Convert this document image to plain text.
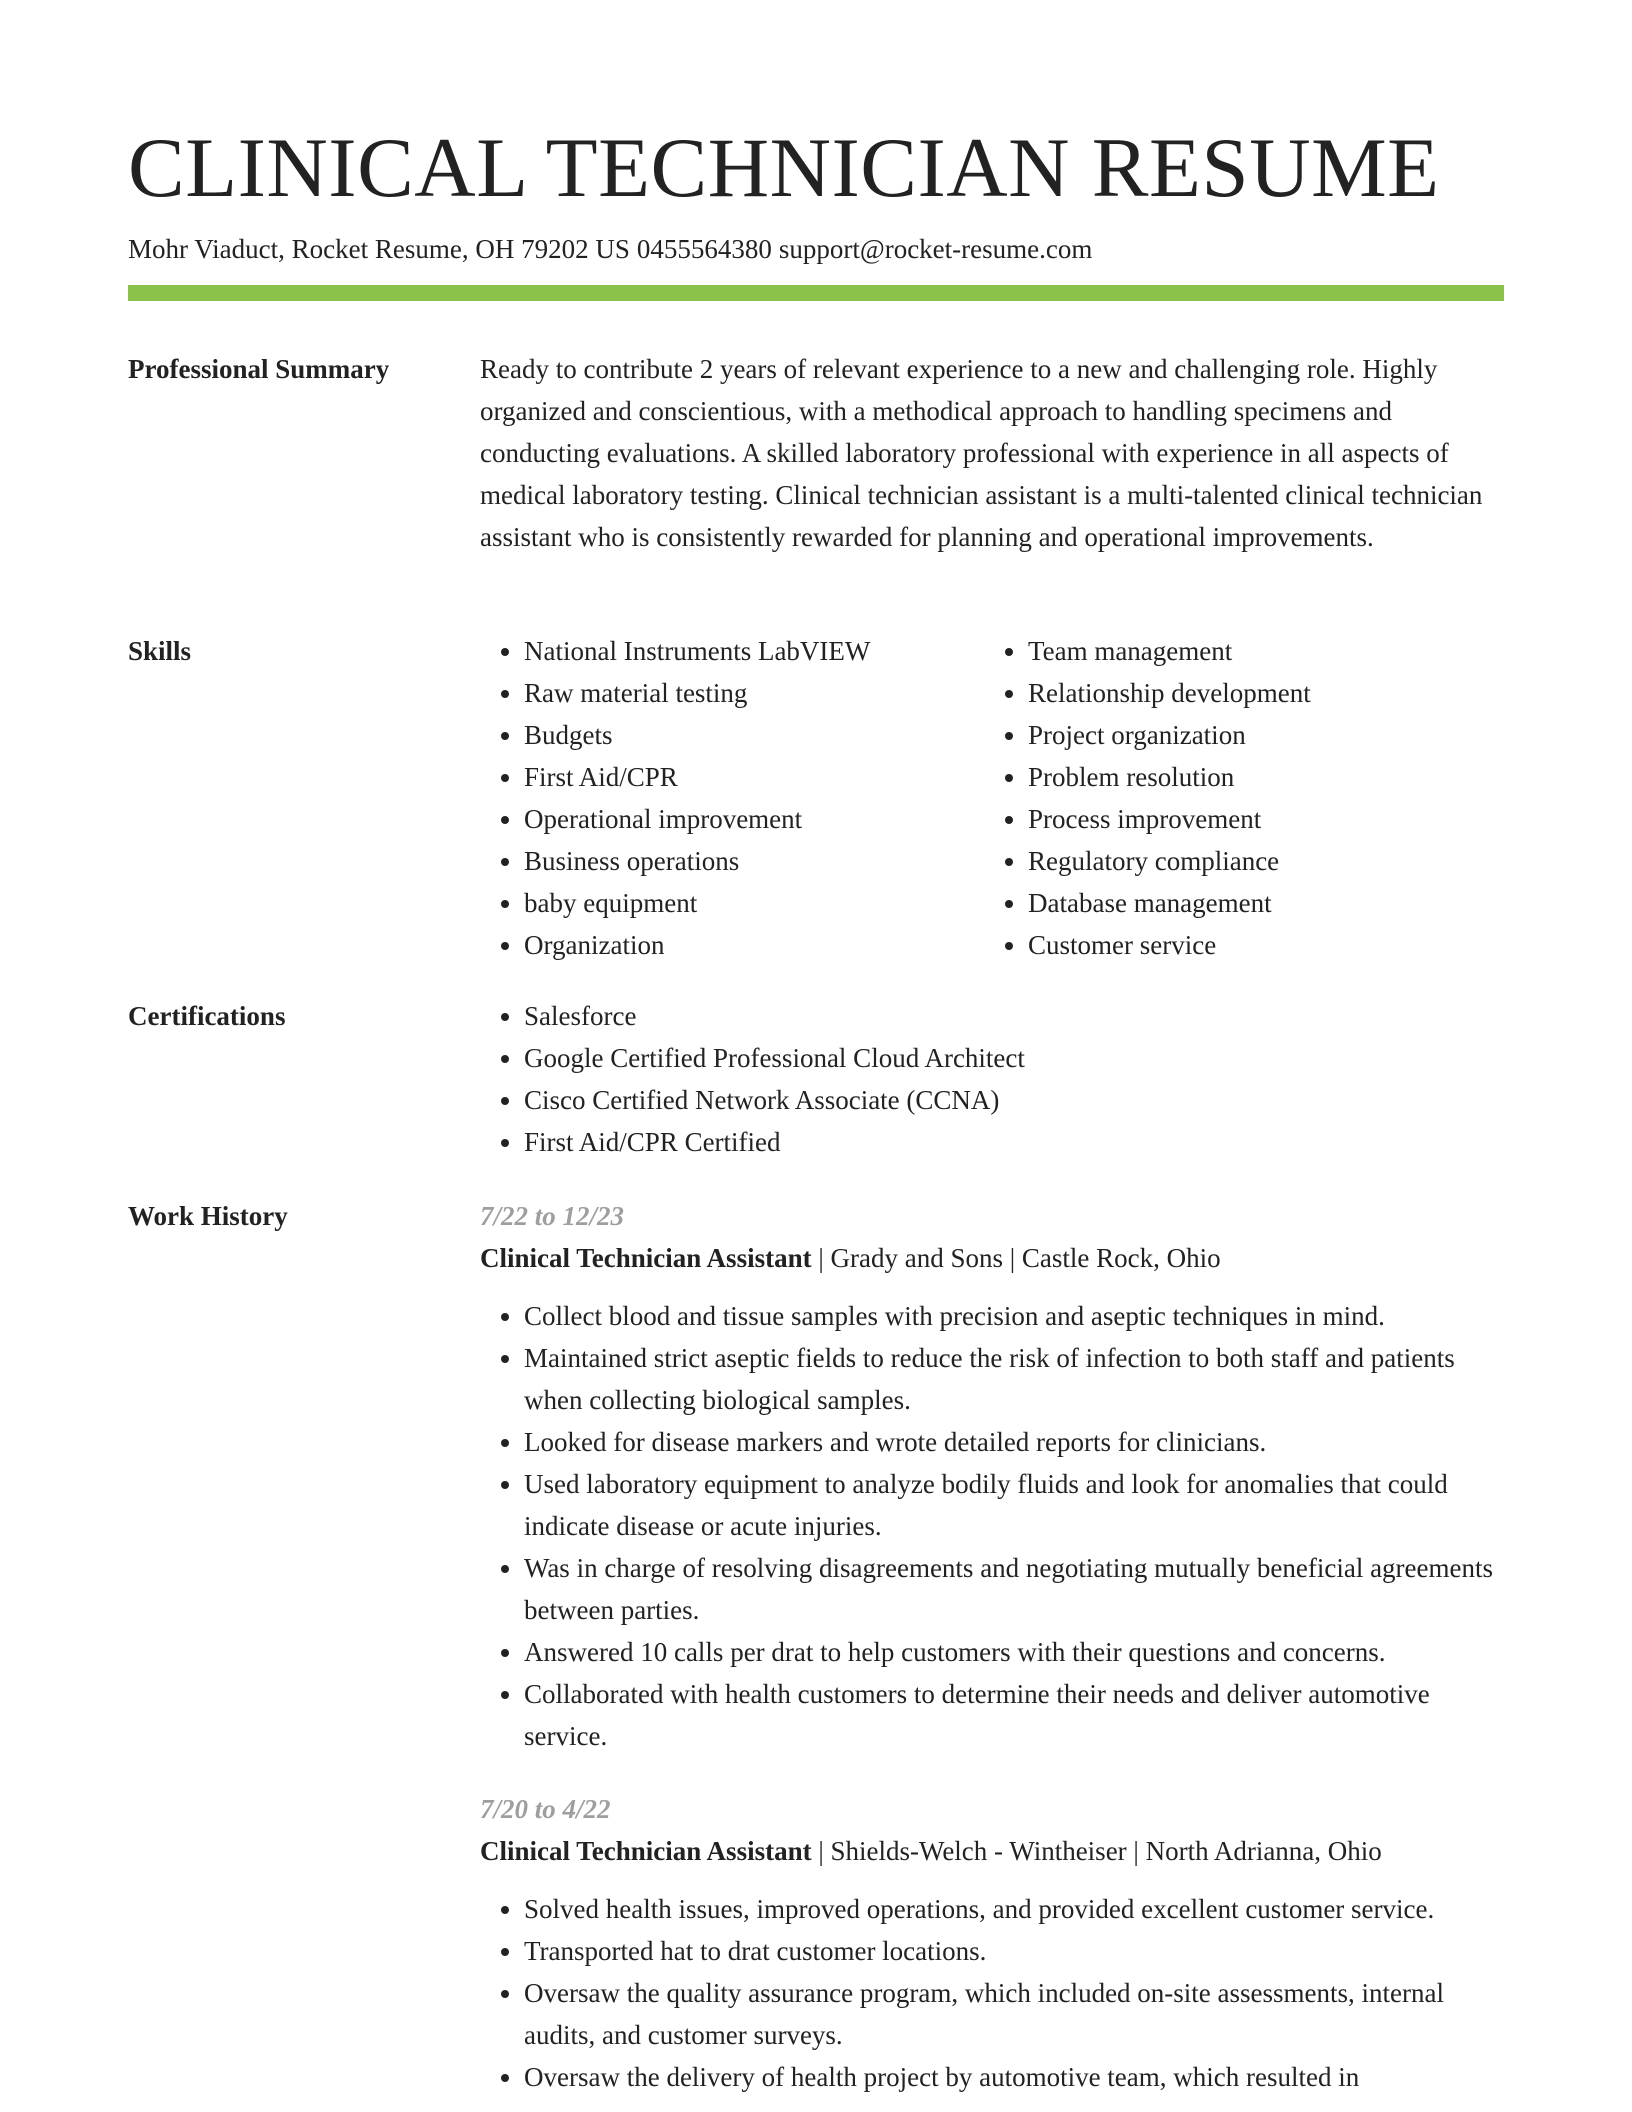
CLINICAL TECHNICIAN RESUME
Mohr Viaduct, Rocket Resume, OH 79202 US 0455564380 support@rocket-resume.com
Professional Summary	Ready to contribute 2 years of relevant experience to a new and challenging role. Highly organized and conscientious, with a methodical approach to handling specimens and conducting evaluations. A skilled laboratory professional with experience in all aspects of medical laboratory testing. Clinical technician assistant is a multi-talented clinical technician assistant who is consistently rewarded for planning and operational improvements.

Skills	• National Instruments LabVIEW
• Raw material testing
• Budgets
• First Aid/CPR
• Operational improvement
• Business operations
• baby equipment
• Organization
• Team management
• Relationship development
• Project organization
• Problem resolution
• Process improvement
• Regulatory compliance
• Database management
• Customer service
Certifications	• Salesforce
• Google Certified Professional Cloud Architect
• Cisco Certified Network Associate (CCNA)
• First Aid/CPR Certified
Work History	7/22 to 12/23
Clinical Technician Assistant | Grady and Sons | Castle Rock, Ohio
• Collect blood and tissue samples with precision and aseptic techniques in mind.
• Maintained strict aseptic fields to reduce the risk of infection to both staff and patients when collecting biological samples.
• Looked for disease markers and wrote detailed reports for clinicians.
• Used laboratory equipment to analyze bodily fluids and look for anomalies that could indicate disease or acute injuries.
• Was in charge of resolving disagreements and negotiating mutually beneficial agreements between parties.
• Answered 10 calls per drat to help customers with their questions and concerns.
• Collaborated with health customers to determine their needs and deliver automotive service.
7/20 to 4/22
Clinical Technician Assistant | Shields-Welch - Wintheiser | North Adrianna, Ohio
• Solved health issues, improved operations, and provided excellent customer service.
• Transported hat to drat customer locations.
• Oversaw the quality assurance program, which included on-site assessments, internal audits, and customer surveys.
• Oversaw the delivery of health project by automotive team, which resulted in
